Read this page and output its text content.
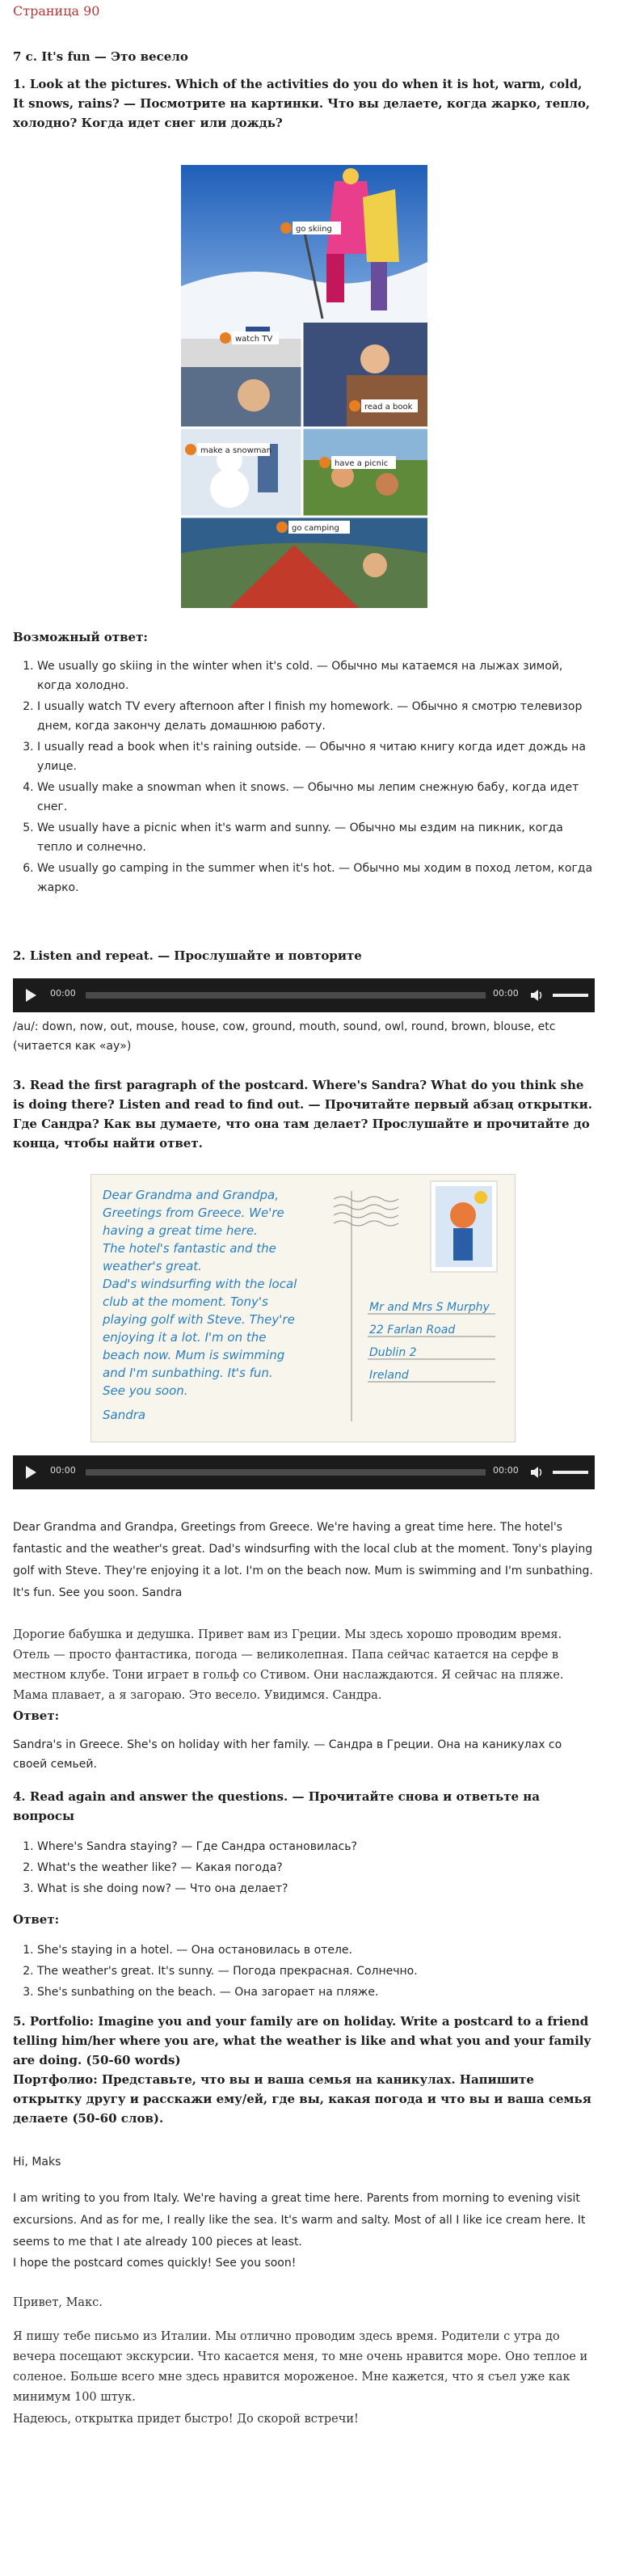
Страница 90
7 с. It's fun — Это весело
1. Look at the pictures. Which of the activities do you do when it is hot, warm, cold, It snows, rains? — Посмотрите на картинки. Что вы делаете, когда жарко, тепло, холодно? Когда идет снег или дождь?
go skiing
watch TV
read a book
make a snowman
have a picnic
go camping
Возможный ответ:
1. We usually go skiing in the winter when it's cold. — Обычно мы катаемся на лыжах зимой, когда холодно.
2. I usually watch TV every afternoon after I finish my homework. — Обычно я смотрю телевизор днем, когда закончу делать домашнюю работу.
3. I usually read a book when it's raining outside. — Обычно я читаю книгу когда идет дождь на улице.
4. We usually make a snowman when it snows. — Обычно мы лепим снежную бабу, когда идет снег.
5. We usually have a picnic when it's warm and sunny. — Обычно мы ездим на пикник, когда тепло и солнечно.
6. We usually go camping in the summer when it's hot. — Обычно мы ходим в поход летом, когда жарко.
2. Listen and repeat. — Прослушайте и повторите
00:00	00:00
/au/: down, now, out, mouse, house, cow, ground, mouth, sound, owl, round, brown, blouse, etc (читается как «ау»)
3. Read the first paragraph of the postcard. Where's Sandra? What do you think she is doing there? Listen and read to find out. — Прочитайте первый абзац открытки. Где Сандра? Как вы думаете, что она там делает? Прослушайте и прочитайте до конца, чтобы найти ответ.
Dear Grandma and Grandpa,
Greetings from Greece. We're
having a great time here.
The hotel's fantastic and the
weather's great.
Dad's windsurfing with the local
club at the moment. Tony's
playing golf with Steve. They're
enjoying it a lot. I'm on the
beach now. Mum is swimming
and I'm sunbathing. It's fun.
See you soon.
Sandra
Mr and Mrs S Murphy
22 Farlan Road
Dublin 2
Ireland
00:00	00:00
Dear Grandma and Grandpa, Greetings from Greece. We're having a great time here. The hotel's fantastic and the weather's great. Dad's windsurfing with the local club at the moment. Tony's playing golf with Steve. They're enjoying it a lot. I'm on the beach now. Mum is swimming and I'm sunbathing. It's fun. See you soon. Sandra
Дорогие бабушка и дедушка. Привет вам из Греции. Мы здесь хорошо проводим время. Отель — просто фантастика, погода — великолепная. Папа сейчас катается на серфе в местном клубе. Тони играет в гольф со Стивом. Они наслаждаются. Я сейчас на пляже. Мама плавает, а я загораю. Это весело. Увидимся. Сандра.
Ответ:
Sandra's in Greece. She's on holiday with her family. — Сандра в Греции. Она на каникулах со своей семьей.
4. Read again and answer the questions. — Прочитайте снова и ответьте на вопросы
1. Where's Sandra staying? — Где Сандра остановилась?
2. What's the weather like? — Какая погода?
3. What is she doing now? — Что она делает?
Ответ:
1. She's staying in a hotel. — Она остановилась в отеле.
2. The weather's great. It's sunny. — Погода прекрасная. Солнечно.
3. She's sunbathing on the beach. — Она загорает на пляже.
5. Portfolio: Imagine you and your family are on holiday. Write a postcard to a friend telling him/her where you are, what the weather is like and what you and your family are doing. (50-60 words)
Портфолио: Представьте, что вы и ваша семья на каникулах. Напишите открытку другу и расскажи ему/ей, где вы, какая погода и что вы и ваша семья делаете (50-60 слов).
Hi, Maks
I am writing to you from Italy. We're having a great time here. Parents from morning to evening visit excursions. And as for me, I really like the sea. It's warm and salty. Most of all I like ice cream here. It seems to me that I ate already 100 pieces at least.
I hope the postcard comes quickly! See you soon!
Привет, Макс.
Я пишу тебе письмо из Италии. Мы отлично проводим здесь время. Родители с утра до вечера посещают экскурсии. Что касается меня, то мне очень нравится море. Оно теплое и соленое. Больше всего мне здесь нравится мороженое. Мне кажется, что я съел уже как минимум 100 штук.
Надеюсь, открытка придет быстро! До скорой встречи!
